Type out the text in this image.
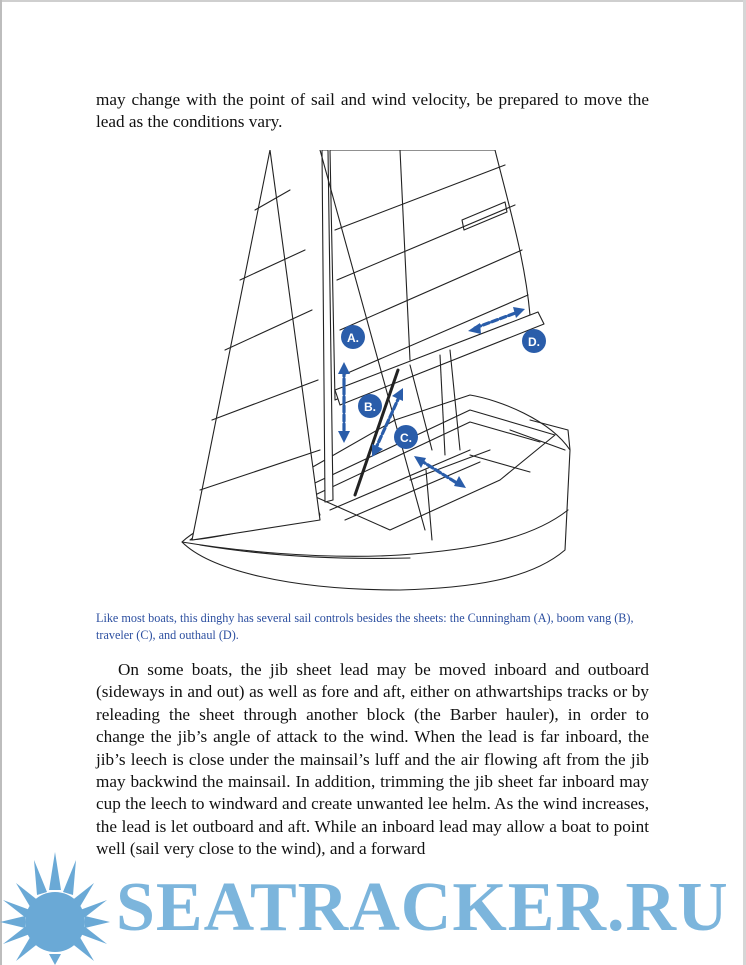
may change with the point of sail and wind velocity, be prepared to move the lead as the conditions vary.

A.
B.
C.
D.

Like most boats, this dinghy has several sail controls besides the sheets: the Cunningham (A), boom vang (B), traveler (C), and outhaul (D).

On some boats, the jib sheet lead may be moved inboard and outboard (sideways in and out) as well as fore and aft, either on athwartships tracks or by releading the sheet through another block (the Barber hauler), in order to change the jib’s angle of attack to the wind. When the lead is far inboard, the jib’s leech is close under the mainsail’s luff and the air flowing aft from the jib may backwind the mainsail. In addition, trimming the jib sheet far inboard may cup the leech to windward and create unwanted lee helm. As the wind increases, the lead is let outboard and aft. While an inboard lead may allow a boat to point well (sail very close to the wind), and a forward

SEATRACKER.RU
